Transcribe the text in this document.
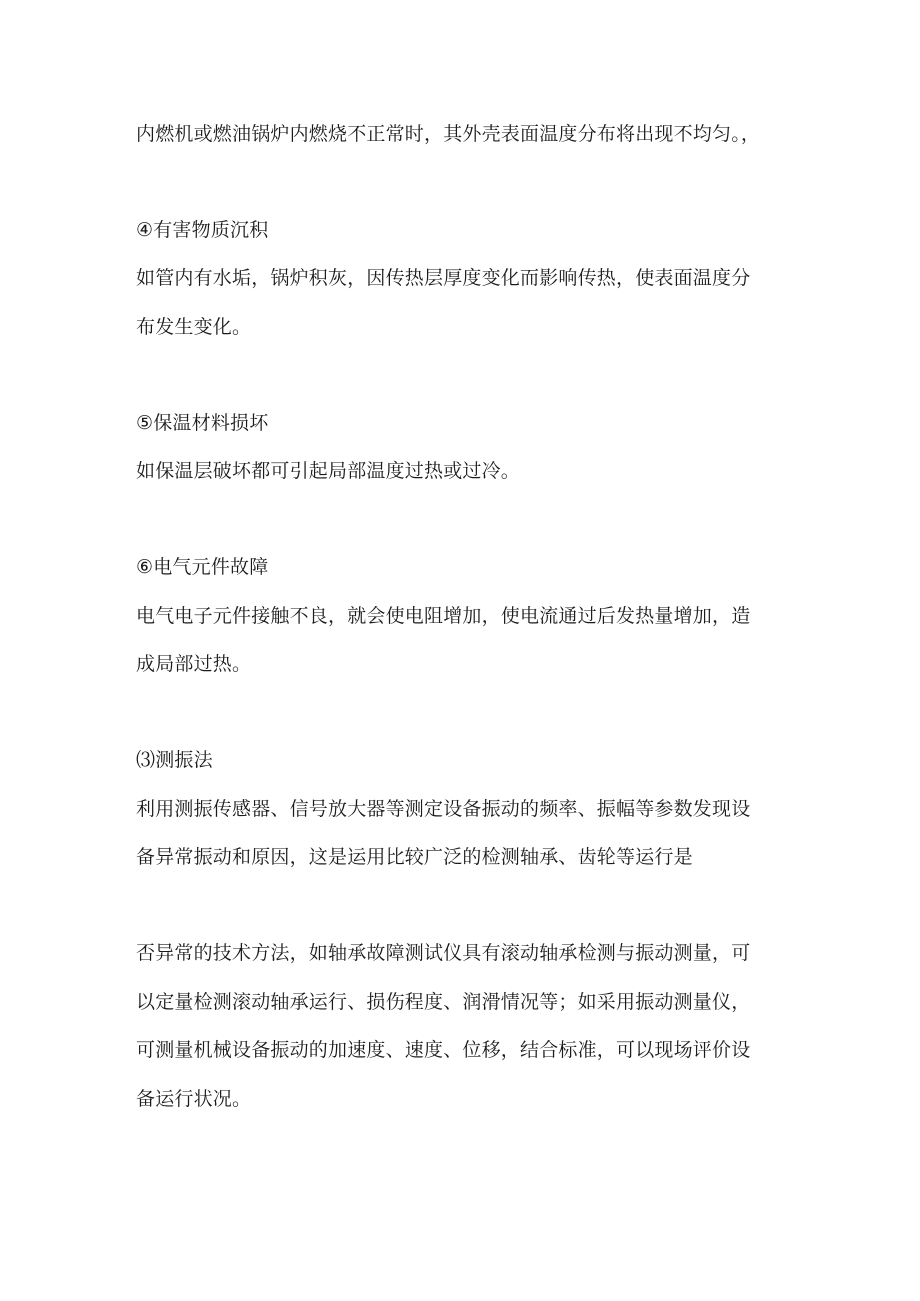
内燃机或燃油锅炉内燃烧不正常时，其外壳表面温度分布将出现不均匀。，
④有害物质沉积
如管内有水垢，锅炉积灰，因传热层厚度变化而影响传热，使表面温度分
布发生变化。
⑤保温材料损坏
如保温层破坏都可引起局部温度过热或过冷。
⑥电气元件故障
电气电子元件接触不良，就会使电阻增加，使电流通过后发热量增加，造
成局部过热。
⑶测振法
利用测振传感器、信号放大器等测定设备振动的频率、振幅等参数发现设
备异常振动和原因，这是运用比较广泛的检测轴承、齿轮等运行是
否异常的技术方法，如轴承故障测试仪具有滚动轴承检测与振动测量，可
以定量检测滚动轴承运行、损伤程度、润滑情况等；如采用振动测量仪，
可测量机械设备振动的加速度、速度、位移，结合标准，可以现场评价设
备运行状况。
